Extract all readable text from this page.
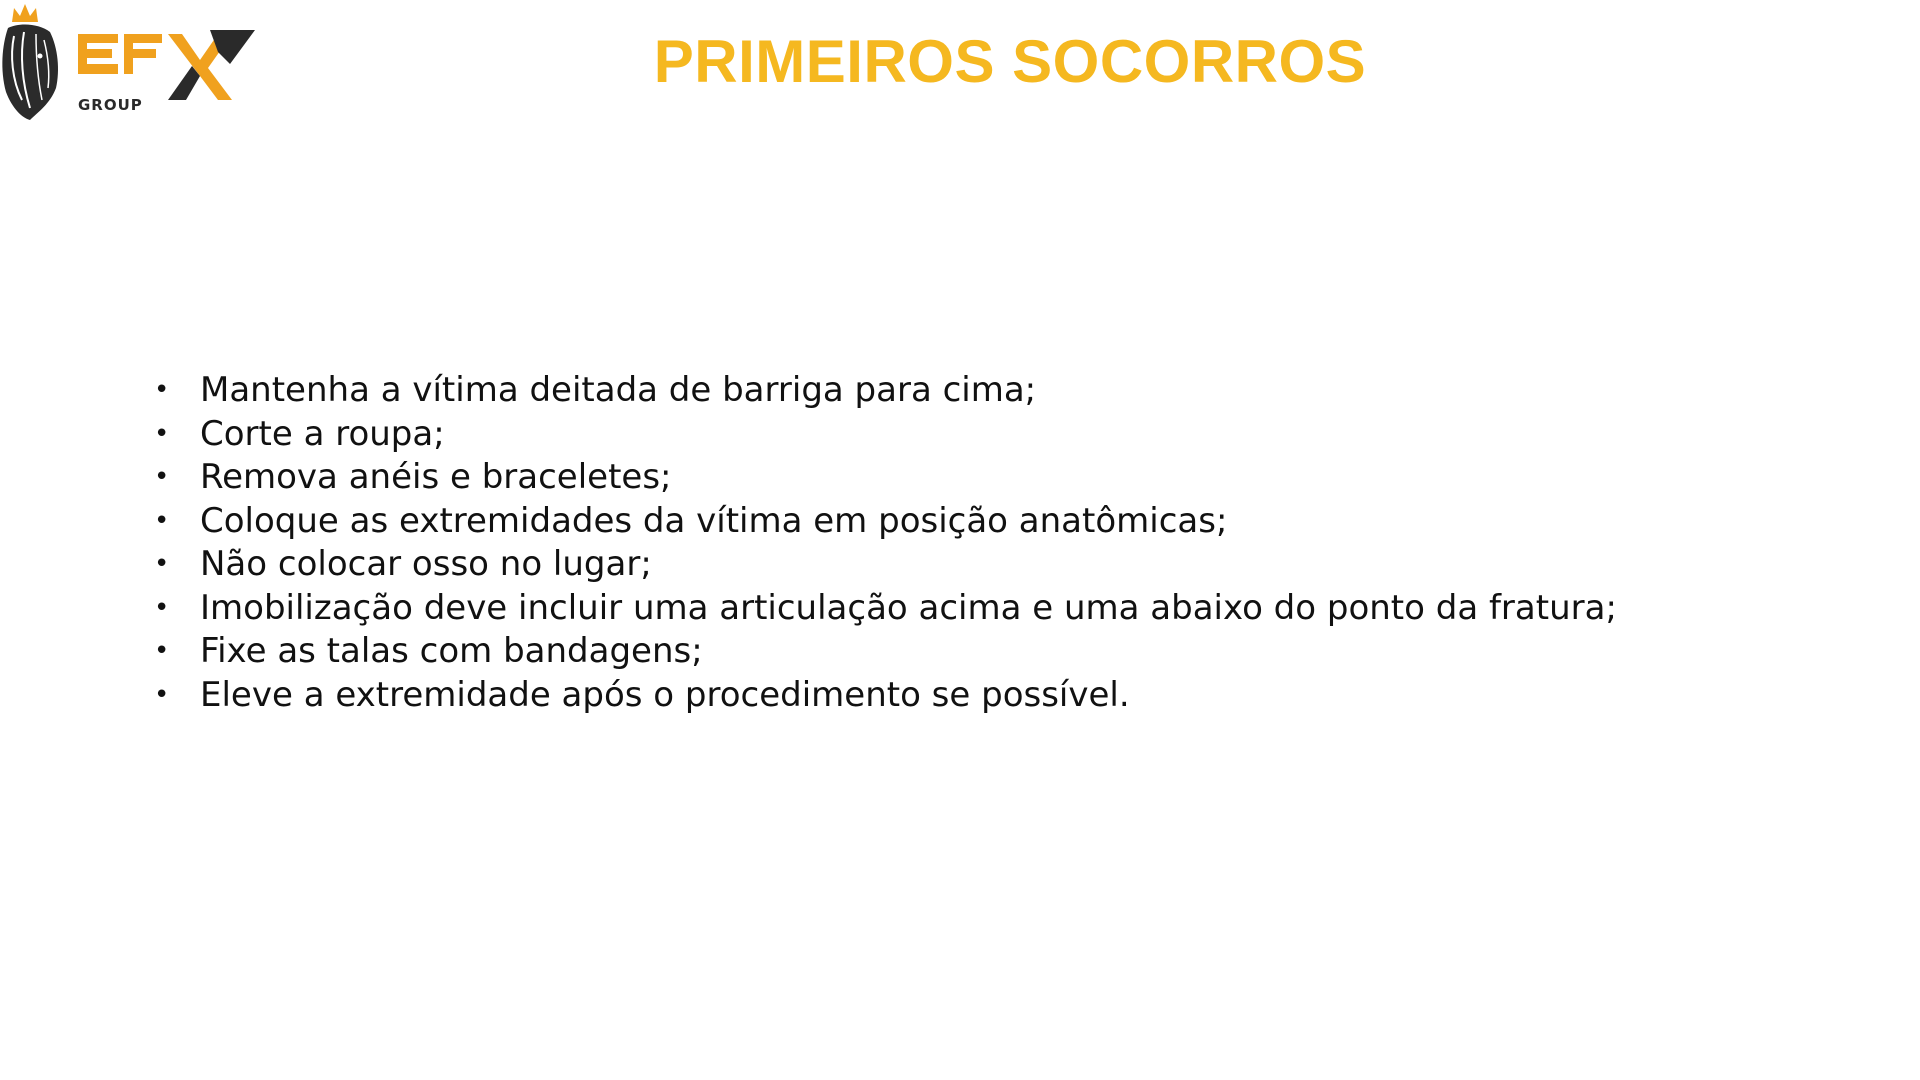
GROUP
PRIMEIROS SOCORROS
• Mantenha a vítima deitada de barriga para cima;
• Corte a roupa;
• Remova anéis e braceletes;
• Coloque as extremidades da vítima em posição anatômicas;
• Não colocar osso no lugar;
• Imobilização deve incluir uma articulação acima e uma abaixo do ponto da fratura;
• Fixe as talas com bandagens;
• Eleve a extremidade após o procedimento se possível.
